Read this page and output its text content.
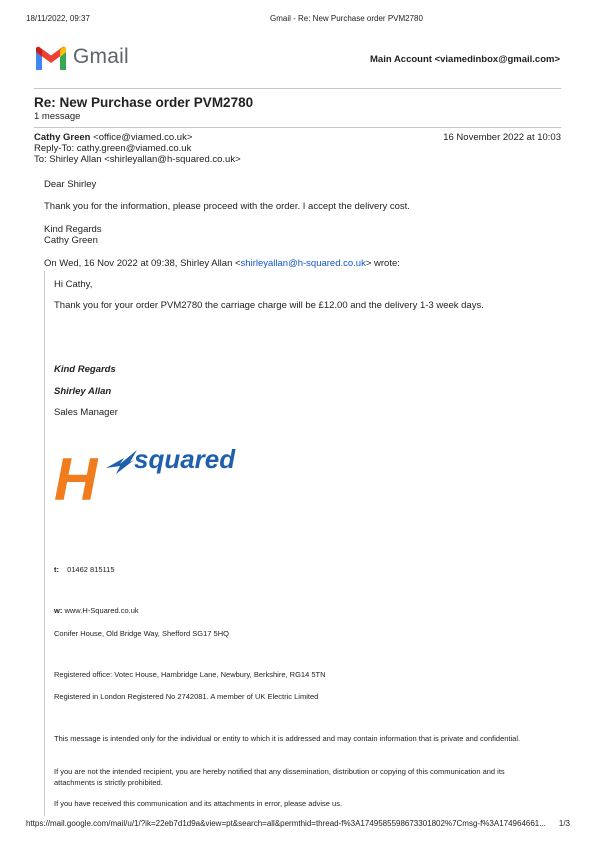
18/11/2022, 09:37	Gmail - Re: New Purchase order PVM2780
Gmail	Main Account <viamedinbox@gmail.com>
Re: New Purchase order PVM2780
1 message
Cathy Green <office@viamed.co.uk>	16 November 2022 at 10:03
Reply-To: cathy.green@viamed.co.uk
To: Shirley Allan <shirleyallan@h-squared.co.uk>
Dear Shirley
Thank you for the information, please proceed with the order. I accept the delivery cost.
Kind Regards
Cathy Green
On Wed, 16 Nov 2022 at 09:38, Shirley Allan <shirleyallan@h-squared.co.uk> wrote:
Hi Cathy,
Thank you for your order PVM2780 the carriage charge will be £12.00 and the delivery 1-3 week days.
Kind Regards
Shirley Allan
Sales Manager
H squared
t: 01462 815115
w: www.H-Squared.co.uk
Conifer House, Old Bridge Way, Shefford SG17 5HQ
Registered office: Votec House, Hambridge Lane, Newbury, Berkshire, RG14 5TN
Registered in London Registered No 2742081. A member of UK Electric Limited
This message is intended only for the individual or entity to which it is addressed and may contain information that is private and confidential.
If you are not the intended recipient, you are hereby notified that any dissemination, distribution or copying of this communication and its attachments is strictly prohibited.
If you have received this communication and its attachments in error, please advise us.
https://mail.google.com/mail/u/1/?ik=22eb7d1d9a&view=pt&search=all&permthid=thread-f%3A1749585598673301802%7Cmsg-f%3A174964661...	1/3
